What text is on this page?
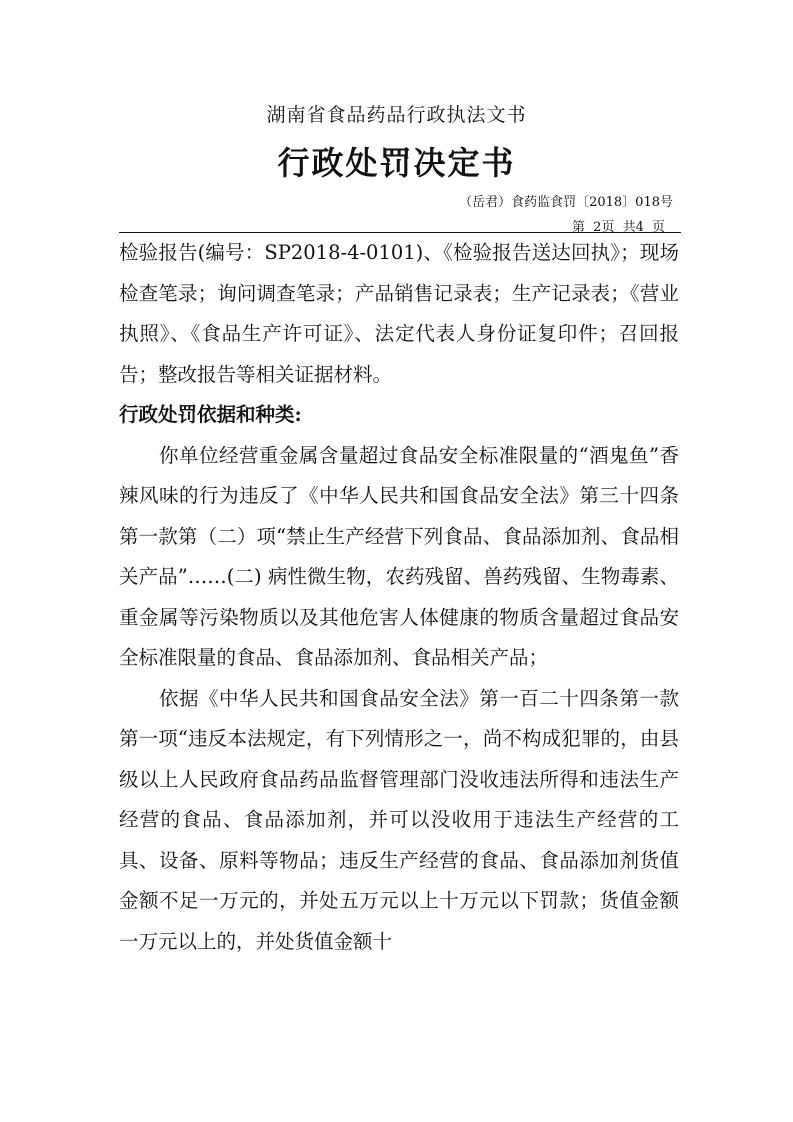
湖南省食品药品行政执法文书
行政处罚决定书
（岳君）食药监食罚〔2018〕018号
第 2页 共4 页

检验报告(编号：SP2018-4-0101)、《检验报告送达回执》；现场检查笔录；询问调查笔录；产品销售记录表；生产记录表；《营业执照》、《食品生产许可证》、法定代表人身份证复印件；召回报告；整改报告等相关证据材料。

行政处罚依据和种类:

你单位经营重金属含量超过食品安全标准限量的“酒鬼鱼”香辣风味的行为违反了《中华人民共和国食品安全法》第三十四条第一款第（二）项“禁止生产经营下列食品、食品添加剂、食品相关产品”……(二) 病性微生物，农药残留、兽药残留、生物毒素、重金属等污染物质以及其他危害人体健康的物质含量超过食品安全标准限量的食品、食品添加剂、食品相关产品；

依据《中华人民共和国食品安全法》第一百二十四条第一款第一项“违反本法规定，有下列情形之一，尚不构成犯罪的，由县级以上人民政府食品药品监督管理部门没收违法所得和违法生产经营的食品、食品添加剂，并可以没收用于违法生产经营的工具、设备、原料等物品；违反生产经营的食品、食品添加剂货值金额不足一万元的，并处五万元以上十万元以下罚款；货值金额一万元以上的，并处货值金额十
